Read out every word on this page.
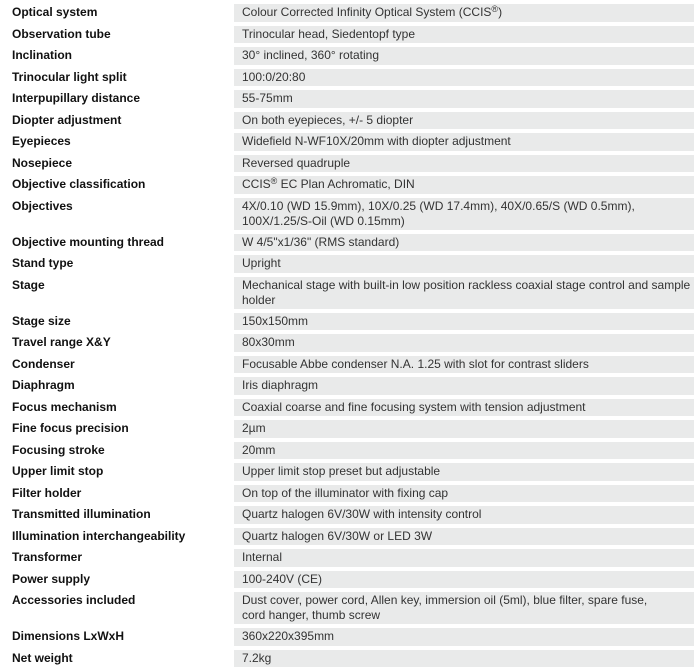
Optical system	Colour Corrected Infinity Optical System (CCIS®)
Observation tube	Trinocular head, Siedentopf type
Inclination	30° inclined, 360° rotating
Trinocular light split	100:0/20:80
Interpupillary distance	55-75mm
Diopter adjustment	On both eyepieces, +/- 5 diopter
Eyepieces	Widefield N-WF10X/20mm with diopter adjustment
Nosepiece	Reversed quadruple
Objective classification	CCIS® EC Plan Achromatic, DIN
Objectives	4X/0.10 (WD 15.9mm), 10X/0.25 (WD 17.4mm), 40X/0.65/S (WD 0.5mm),
100X/1.25/S-Oil (WD 0.15mm)

Objective mounting thread	W 4/5"x1/36" (RMS standard)
Stand type	Upright
Stage	Mechanical stage with built-in low position rackless coaxial stage control and sample holder
Stage size	150x150mm
Travel range X&Y	80x30mm
Condenser	Focusable Abbe condenser N.A. 1.25 with slot for contrast sliders
Diaphragm	Iris diaphragm
Focus mechanism	Coaxial coarse and fine focusing system with tension adjustment
Fine focus precision	2µm
Focusing stroke	20mm
Upper limit stop	Upper limit stop preset but adjustable
Filter holder	On top of the illuminator with fixing cap
Transmitted illumination	Quartz halogen 6V/30W with intensity control
Illumination interchangeability	Quartz halogen 6V/30W or LED 3W
Transformer	Internal
Power supply	100-240V (CE)
Accessories included	Dust cover, power cord, Allen key, immersion oil (5ml), blue filter, spare fuse,
cord hanger, thumb screw

Dimensions LxWxH	360x220x395mm
Net weight	7.2kg
